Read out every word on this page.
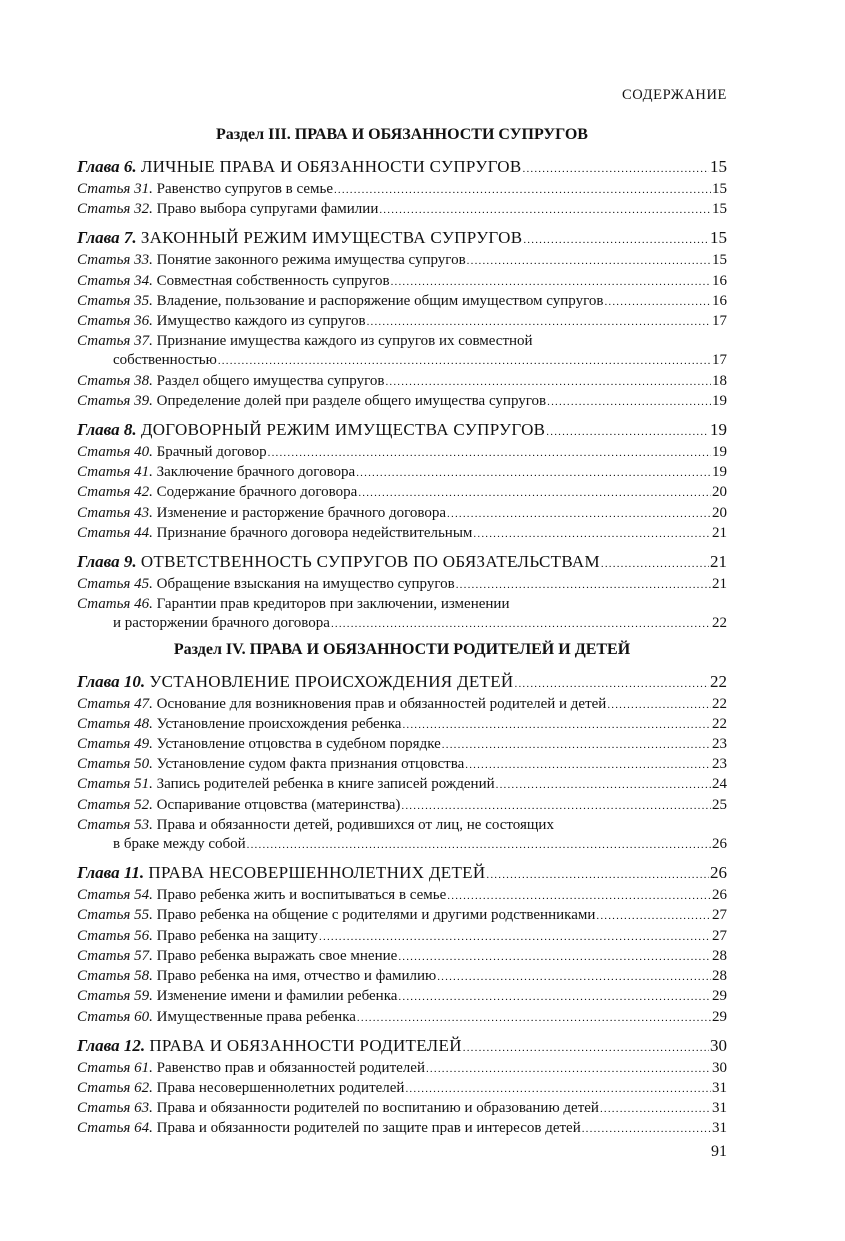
СОДЕРЖАНИЕ
Раздел III. ПРАВА И ОБЯЗАННОСТИ СУПРУГОВ
Глава 6. ЛИЧНЫЕ ПРАВА И ОБЯЗАННОСТИ СУПРУГОВ .....	15
Статья 31. Равенство супругов в семье .....	15
Статья 32. Право выбора супругами фамилии .....	15
Глава 7. ЗАКОННЫЙ РЕЖИМ ИМУЩЕСТВА СУПРУГОВ .....	15
Статья 33. Понятие законного режима имущества супругов .....	15
Статья 34. Совместная собственность супругов .....	16
Статья 35. Владение, пользование и распоряжение общим имуществом супругов .....	16
Статья 36. Имущество каждого из супругов .....	17
Статья 37. Признание имущества каждого из супругов их совместной
собственностью .....	17
Статья 38. Раздел общего имущества супругов .....	18
Статья 39. Определение долей при разделе общего имущества супругов .....	19
Глава 8. ДОГОВОРНЫЙ РЕЖИМ ИМУЩЕСТВА СУПРУГОВ .....	19
Статья 40. Брачный договор .....	19
Статья 41. Заключение брачного договора .....	19
Статья 42. Содержание брачного договора .....	20
Статья 43. Изменение и расторжение брачного договора .....	20
Статья 44. Признание брачного договора недействительным .....	21
Глава 9. ОТВЕТСТВЕННОСТЬ СУПРУГОВ ПО ОБЯЗАТЕЛЬСТВАМ .....	21
Статья 45. Обращение взыскания на имущество супругов .....	21
Статья 46. Гарантии прав кредиторов при заключении, изменении
и расторжении брачного договора .....	22
Раздел IV. ПРАВА И ОБЯЗАННОСТИ РОДИТЕЛЕЙ И ДЕТЕЙ
Глава 10. УСТАНОВЛЕНИЕ ПРОИСХОЖДЕНИЯ ДЕТЕЙ .....	22
Статья 47. Основание для возникновения прав и обязанностей родителей и детей .....	22
Статья 48. Установление происхождения ребенка .....	22
Статья 49. Установление отцовства в судебном порядке .....	23
Статья 50. Установление судом факта признания отцовства .....	23
Статья 51. Запись родителей ребенка в книге записей рождений .....	24
Статья 52. Оспаривание отцовства (материнства) .....	25
Статья 53. Права и обязанности детей, родившихся от лиц, не состоящих
в браке между собой .....	26
Глава 11. ПРАВА НЕСОВЕРШЕННОЛЕТНИХ ДЕТЕЙ .....	26
Статья 54. Право ребенка жить и воспитываться в семье .....	26
Статья 55. Право ребенка на общение с родителями и другими родственниками .....	27
Статья 56. Право ребенка на защиту .....	27
Статья 57. Право ребенка выражать свое мнение .....	28
Статья 58. Право ребенка на имя, отчество и фамилию .....	28
Статья 59. Изменение имени и фамилии ребенка .....	29
Статья 60. Имущественные права ребенка .....	29
Глава 12. ПРАВА И ОБЯЗАННОСТИ РОДИТЕЛЕЙ .....	30
Статья 61. Равенство прав и обязанностей родителей .....	30
Статья 62. Права несовершеннолетних родителей .....	31
Статья 63. Права и обязанности родителей по воспитанию и образованию детей .....	31
Статья 64. Права и обязанности родителей по защите прав и интересов детей .....	31
91
